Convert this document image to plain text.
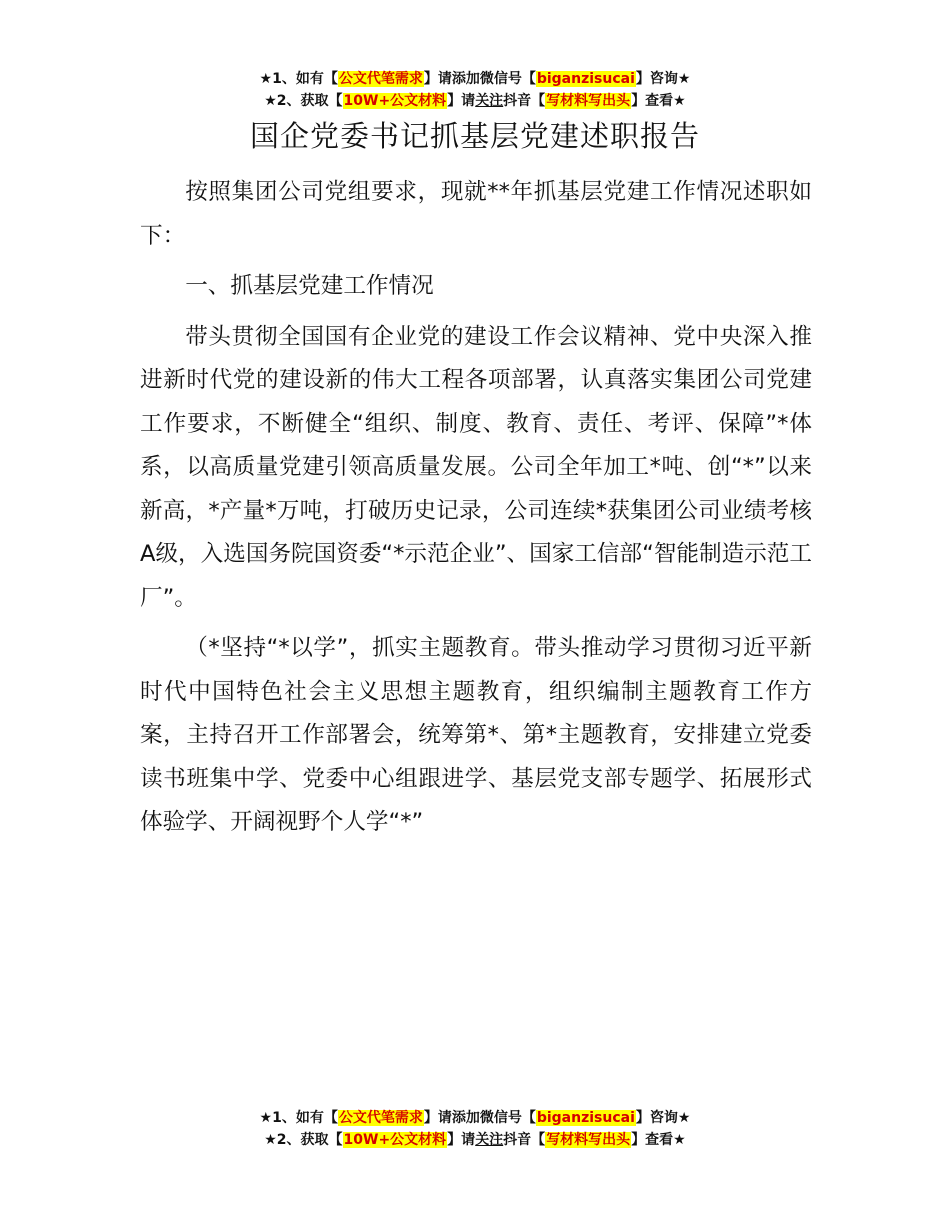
★1、如有【公文代笔需求】请添加微信号【biganzisucai】咨询★
★2、获取【10W+公文材料】请关注抖音【写材料写出头】查看★
国企党委书记抓基层党建述职报告

按照集团公司党组要求，现就**年抓基层党建工作情况述职如下：

一、抓基层党建工作情况

带头贯彻全国国有企业党的建设工作会议精神、党中央深入推进新时代党的建设新的伟大工程各项部署，认真落实集团公司党建工作要求，不断健全“组织、制度、教育、责任、考评、保障”*体系，以高质量党建引领高质量发展。公司全年加工*吨、创“*”以来新高，*产量*万吨，打破历史记录，公司连续*获集团公司业绩考核A级，入选国务院国资委“*示范企业”、国家工信部“智能制造示范工厂”。

（*坚持“*以学”，抓实主题教育。带头推动学习贯彻习近平新时代中国特色社会主义思想主题教育，组织编制主题教育工作方案，主持召开工作部署会，统筹第*、第*主题教育，安排建立党委读书班集中学、党委中心组跟进学、基层党支部专题学、拓展形式体验学、开阔视野个人学“*”

★1、如有【公文代笔需求】请添加微信号【biganzisucai】咨询★
★2、获取【10W+公文材料】请关注抖音【写材料写出头】查看★
